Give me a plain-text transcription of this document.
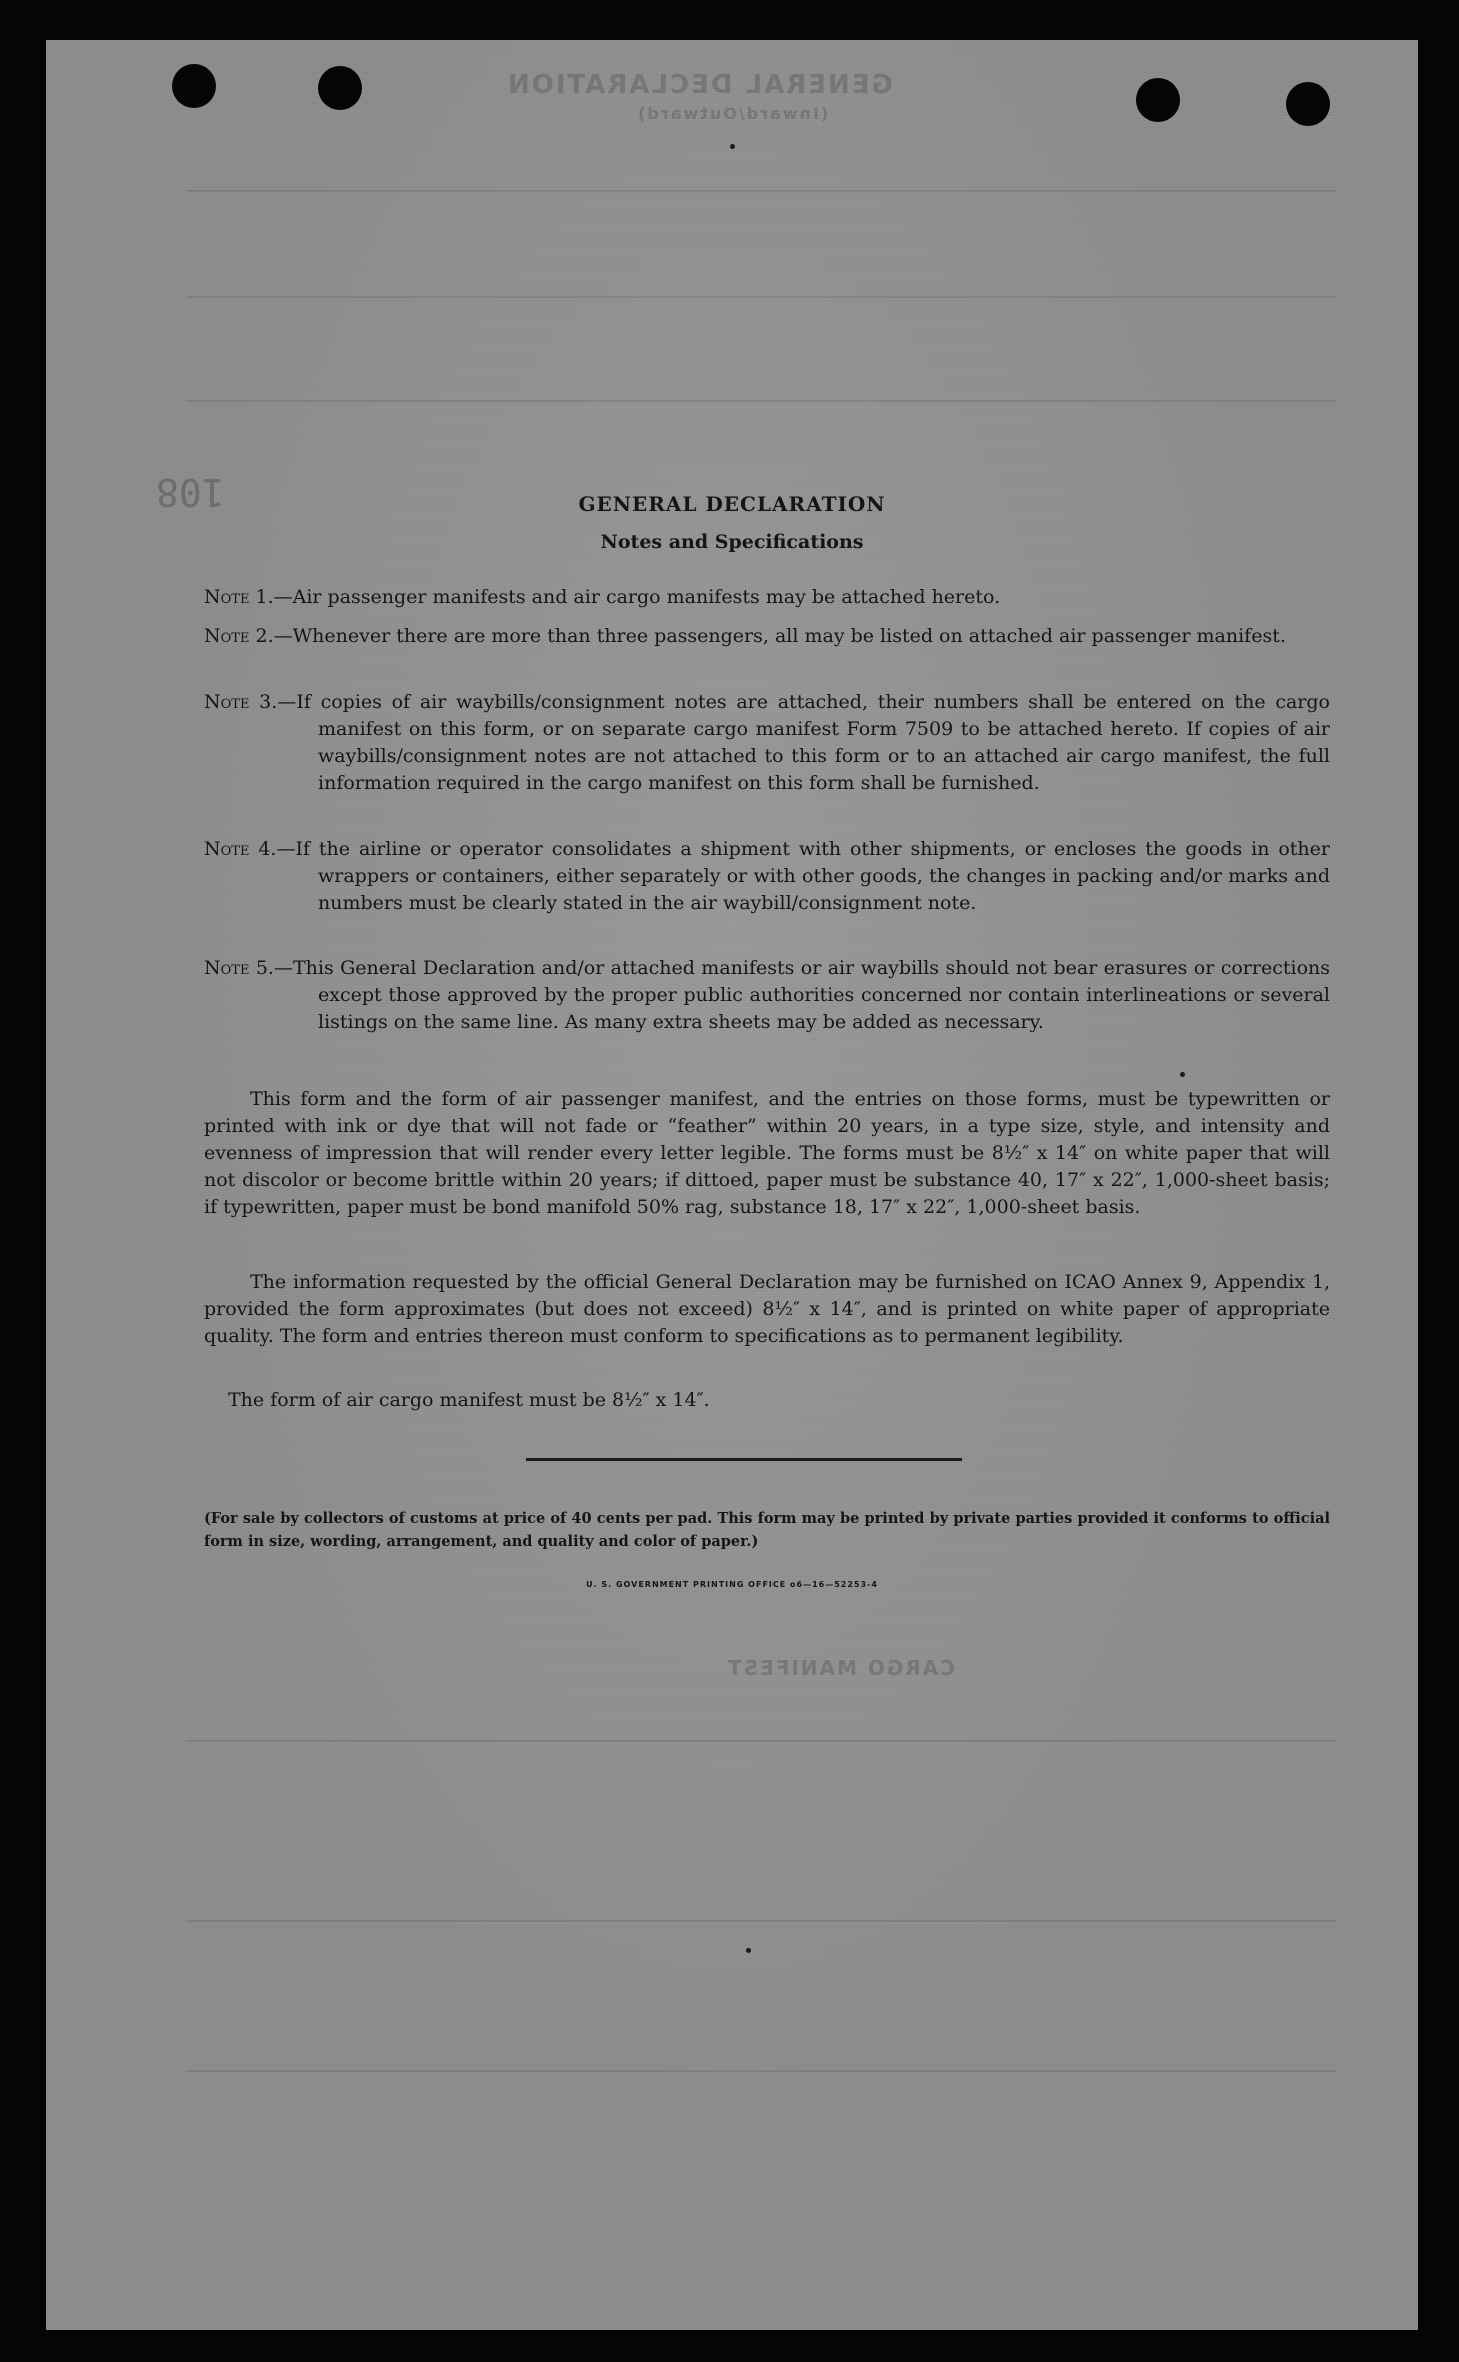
GENERAL DECLARATION
(Inward/Outward)
CARGO MANIFEST
108	GENERAL DECLARATION
Notes and Specifications
Note 1.—Air passenger manifests and air cargo manifests may be attached hereto.
Note 2.—Whenever there are more than three passengers, all may be listed on attached air passenger manifest.
Note 3.—If copies of air waybills/consignment notes are attached, their numbers shall be entered on the cargo manifest on this form, or on separate cargo manifest Form 7509 to be attached hereto. If copies of air waybills/consignment notes are not attached to this form or to an attached air cargo manifest, the full information required in the cargo manifest on this form shall be furnished.
Note 4.—If the airline or operator consolidates a shipment with other shipments, or encloses the goods in other wrappers or containers, either separately or with other goods, the changes in packing and/or marks and numbers must be clearly stated in the air waybill/consignment note.
Note 5.—This General Declaration and/or attached manifests or air waybills should not bear erasures or corrections except those approved by the proper public authorities concerned nor contain interlineations or several listings on the same line. As many extra sheets may be added as necessary.
This form and the form of air passenger manifest, and the entries on those forms, must be typewritten or printed with ink or dye that will not fade or “feather” within 20 years, in a type size, style, and intensity and evenness of impression that will render every letter legible. The forms must be 8½″ x 14″ on white paper that will not discolor or become brittle within 20 years; if dittoed, paper must be substance 40, 17″ x 22″, 1,000-sheet basis; if typewritten, paper must be bond manifold 50% rag, substance 18, 17″ x 22″, 1,000-sheet basis.
The information requested by the official General Declaration may be furnished on ICAO Annex 9, Appendix 1, provided the form approximates (but does not exceed) 8½″ x 14″, and is printed on white paper of appropriate quality. The form and entries thereon must conform to specifications as to permanent legibility.
The form of air cargo manifest must be 8½″ x 14″.
(For sale by collectors of customs at price of 40 cents per pad. This form may be printed by private parties provided it conforms to official form in size, wording, arrangement, and quality and color of paper.)
U. S. GOVERNMENT PRINTING OFFICE o6—16—52253-4
